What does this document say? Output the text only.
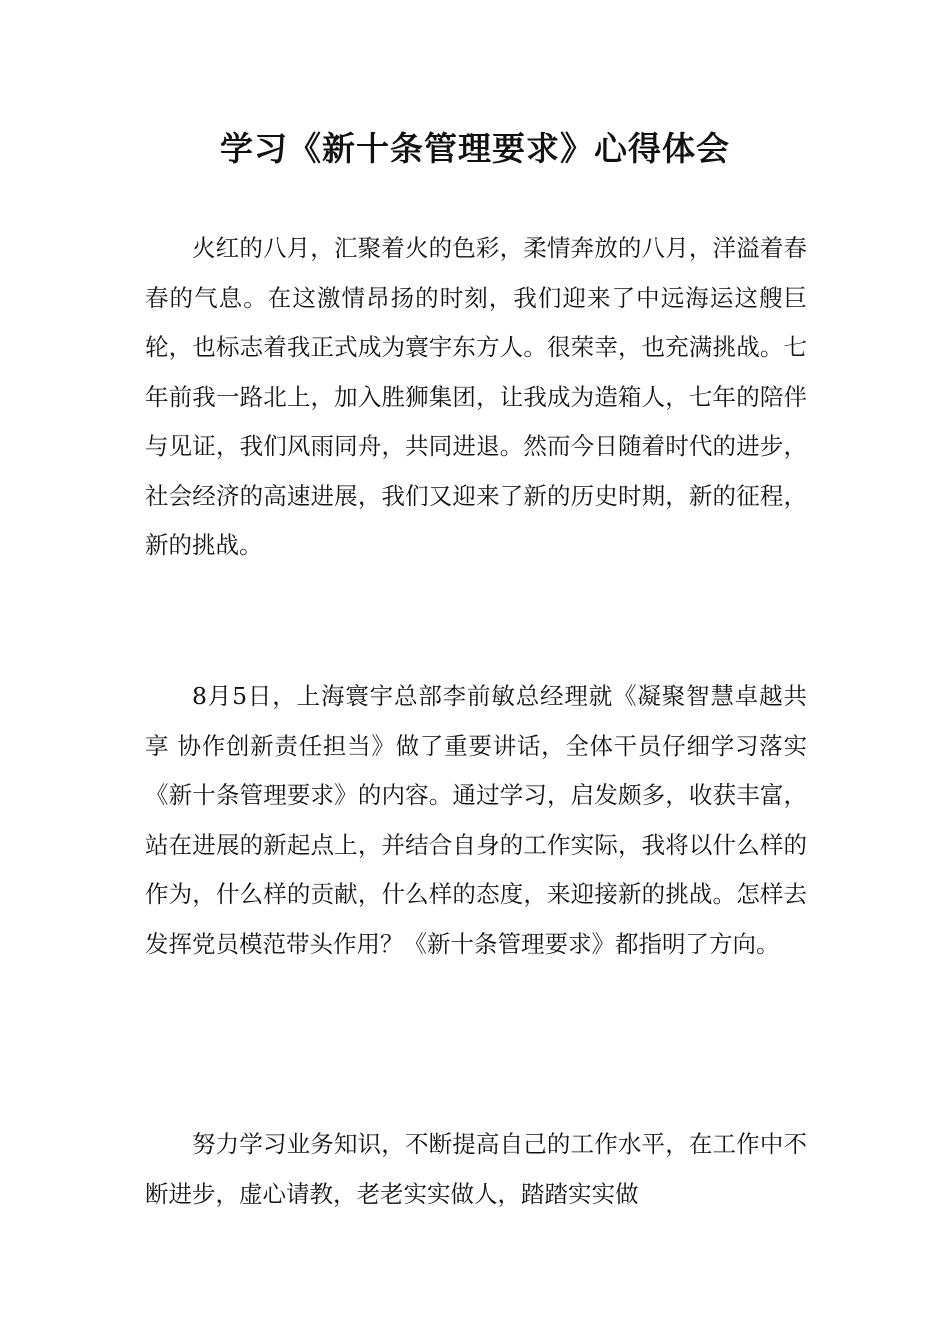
学习《新十条管理要求》心得体会

火红的八月，汇聚着火的色彩，柔情奔放的八月，洋溢着春春的气息。在这激情昂扬的时刻，我们迎来了中远海运这艘巨轮，也标志着我正式成为寰宇东方人。很荣幸，也充满挑战。七年前我一路北上，加入胜狮集团，让我成为造箱人，七年的陪伴与见证，我们风雨同舟，共同进退。然而今日随着时代的进步，社会经济的高速进展，我们又迎来了新的历史时期，新的征程，新的挑战。

8月5日，上海寰宇总部李前敏总经理就《凝聚智慧卓越共享 协作创新责任担当》做了重要讲话，全体干员仔细学习落实《新十条管理要求》的内容。通过学习，启发颇多，收获丰富，站在进展的新起点上，并结合自身的工作实际，我将以什么样的作为，什么样的贡献，什么样的态度，来迎接新的挑战。怎样去发挥党员模范带头作用？《新十条管理要求》都指明了方向。

努力学习业务知识，不断提高自己的工作水平，在工作中不断进步，虚心请教，老老实实做人，踏踏实实做
